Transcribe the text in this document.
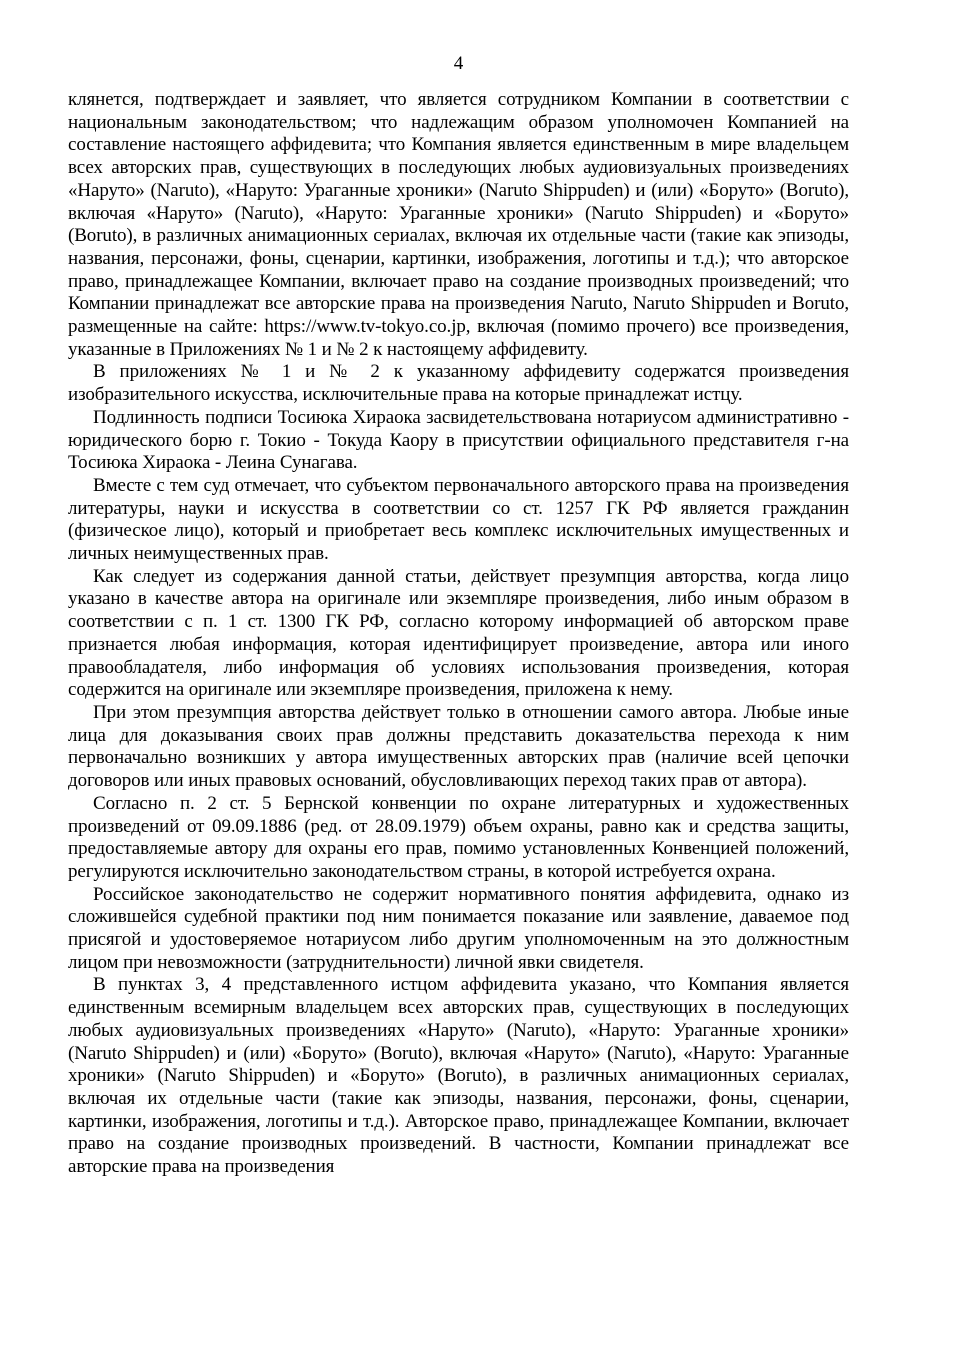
4

клянется, подтверждает и заявляет, что является сотрудником Компании в соответствии с национальным законодательством; что надлежащим образом уполномочен Компанией на составление настоящего аффидевита; что Компания является единственным в мире владельцем всех авторских прав, существующих в последующих любых аудиовизуальных произведениях «Наруто» (Naruto), «Наруто: Ураганные хроники» (Naruto Shippuden) и (или) «Боруто» (Boruto), включая «Наруто» (Naruto), «Наруто: Ураганные хроники» (Naruto Shippuden) и «Боруто» (Boruto), в различных анимационных сериалах, включая их отдельные части (такие как эпизоды, названия, персонажи, фоны, сценарии, картинки, изображения, логотипы и т.д.); что авторское право, принадлежащее Компании, включает право на создание производных произведений; что Компании принадлежат все авторские права на произведения Naruto, Naruto Shippuden и Boruto, размещенные на сайте: https://www.tv-tokyo.co.jp, включая (помимо прочего) все произведения, указанные в Приложениях № 1 и № 2 к настоящему аффидевиту.

В приложениях № 1 и № 2 к указанному аффидевиту содержатся произведения изобразительного искусства, исключительные права на которые принадлежат истцу.

Подлинность подписи Тосиюка Хираока засвидетельствована нотариусом административно - юридического борю г. Токио - Токуда Каору в присутствии официального представителя г-на Тосиюка Хираока - Леина Сунагава.

Вместе с тем суд отмечает, что субъектом первоначального авторского права на произведения литературы, науки и искусства в соответствии со ст. 1257 ГК РФ является гражданин (физическое лицо), который и приобретает весь комплекс исключительных имущественных и личных неимущественных прав.

Как следует из содержания данной статьи, действует презумпция авторства, когда лицо указано в качестве автора на оригинале или экземпляре произведения, либо иным образом в соответствии с п. 1 ст. 1300 ГК РФ, согласно которому информацией об авторском праве признается любая информация, которая идентифицирует произведение, автора или иного правообладателя, либо информация об условиях использования произведения, которая содержится на оригинале или экземпляре произведения, приложена к нему.

При этом презумпция авторства действует только в отношении самого автора. Любые иные лица для доказывания своих прав должны представить доказательства перехода к ним первоначально возникших у автора имущественных авторских прав (наличие всей цепочки договоров или иных правовых оснований, обусловливающих переход таких прав от автора).

Согласно п. 2 ст. 5 Бернской конвенции по охране литературных и художественных произведений от 09.09.1886 (ред. от 28.09.1979) объем охраны, равно как и средства защиты, предоставляемые автору для охраны его прав, помимо установленных Конвенцией положений, регулируются исключительно законодательством страны, в которой истребуется охрана.

Российское законодательство не содержит нормативного понятия аффидевита, однако из сложившейся судебной практики под ним понимается показание или заявление, даваемое под присягой и удостоверяемое нотариусом либо другим уполномоченным на это должностным лицом при невозможности (затруднительности) личной явки свидетеля.

В пунктах 3, 4 представленного истцом аффидевита указано, что Компания является единственным всемирным владельцем всех авторских прав, существующих в последующих любых аудиовизуальных произведениях «Наруто» (Naruto), «Наруто: Ураганные хроники» (Naruto Shippuden) и (или) «Боруто» (Boruto), включая «Наруто» (Naruto), «Наруто: Ураганные хроники» (Naruto Shippuden) и «Боруто» (Boruto), в различных анимационных сериалах, включая их отдельные части (такие как эпизоды, названия, персонажи, фоны, сценарии, картинки, изображения, логотипы и т.д.). Авторское право, принадлежащее Компании, включает право на создание производных произведений. В частности, Компании принадлежат все авторские права на произведения
